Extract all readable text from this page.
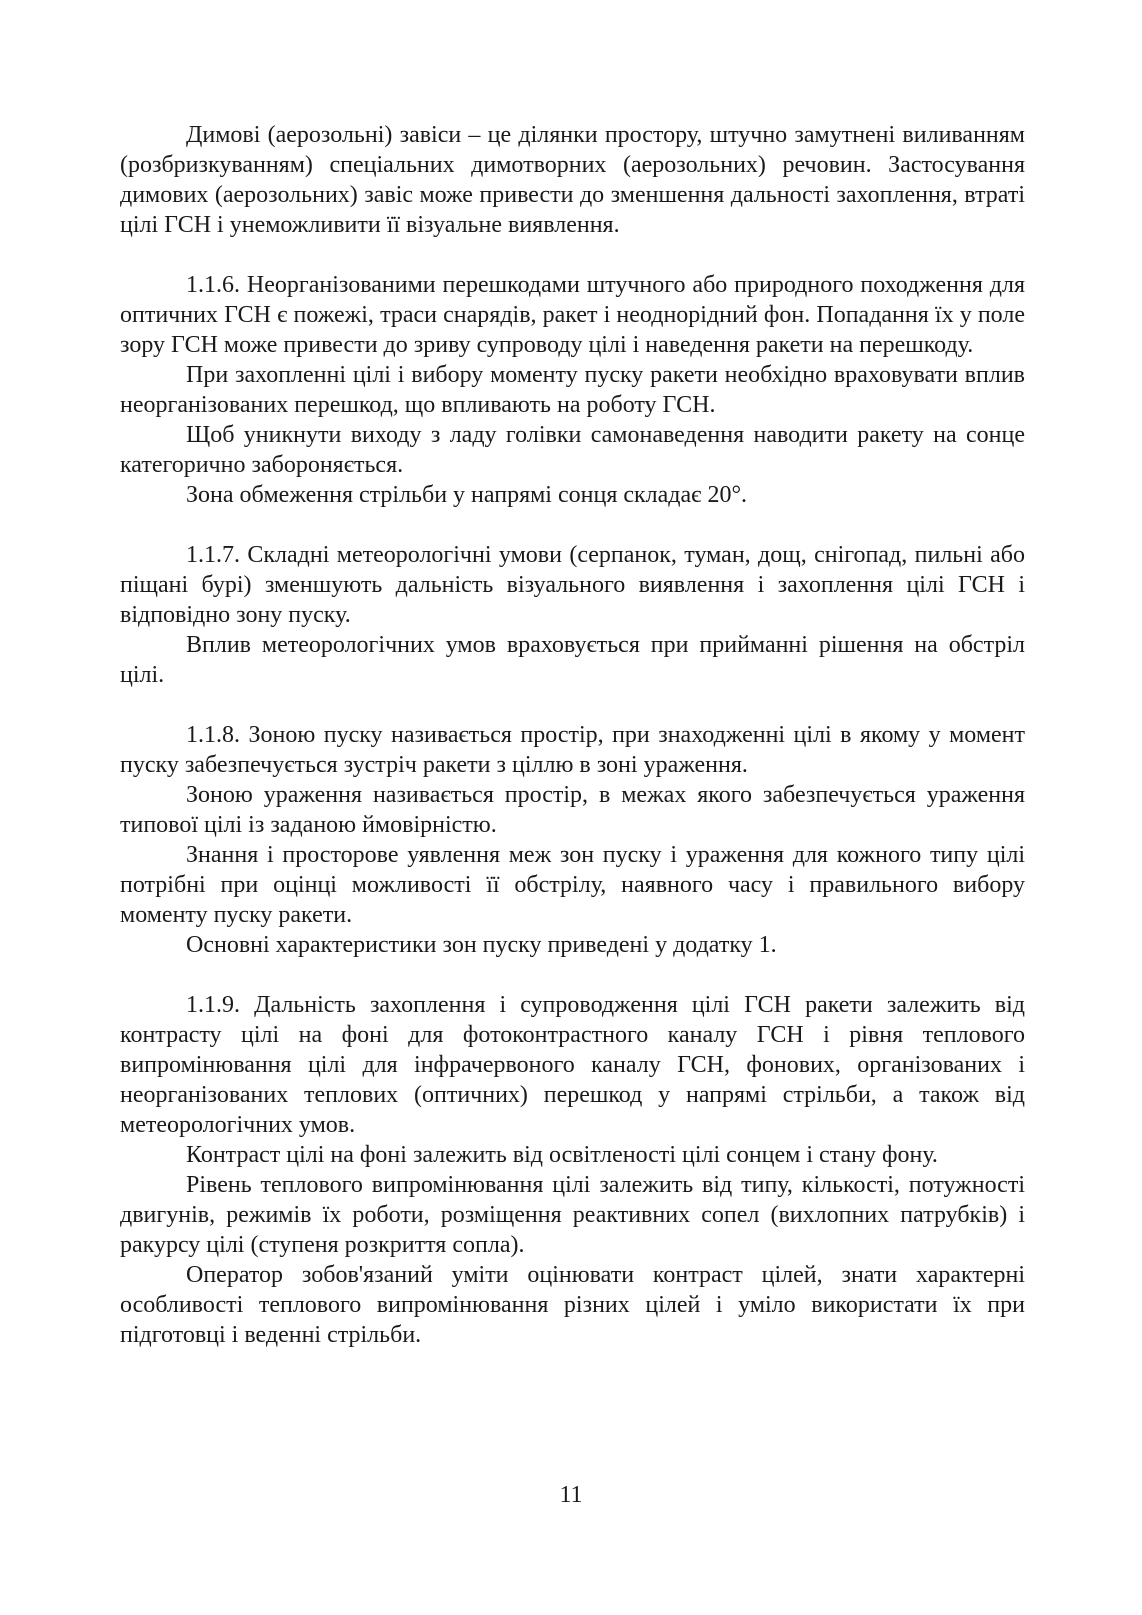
Димові (аерозольні) завіси – це ділянки простору, штучно замутнені виливанням (розбризкуванням) спеціальних димотворних (аерозольних) речовин. Застосування димових (аерозольних) завіс може привести до зменшення дальності захоплення, втраті цілі ГСН і унеможливити її візуальне виявлення.

1.1.6. Неорганізованими перешкодами штучного або природного походження для оптичних ГСН є пожежі, траси снарядів, ракет і неоднорідний фон. Попадання їх у поле зору ГСН може привести до зриву супроводу цілі і наведення ракети на перешкоду.

При захопленні цілі і вибору моменту пуску ракети необхідно враховувати вплив неорганізованих перешкод, що впливають на роботу ГСН.

Щоб уникнути виходу з ладу голівки самонаведення наводити ракету на сонце категорично забороняється.

Зона обмеження стрільби у напрямі сонця складає 20°.

1.1.7. Складні метеорологічні умови (серпанок, туман, дощ, снігопад, пильні або піщані бурі) зменшують дальність візуального виявлення і захоплення цілі ГСН і відповідно зону пуску.

Вплив метеорологічних умов враховується при прийманні рішення на обстріл цілі.

1.1.8. Зоною пуску називається простір, при знаходженні цілі в якому у момент пуску забезпечується зустріч ракети з ціллю в зоні ураження.

Зоною ураження називається простір, в межах якого забезпечується ураження типової цілі із заданою ймовірністю.

Знання і просторове уявлення меж зон пуску і ураження для кожного типу цілі потрібні при оцінці можливості її обстрілу, наявного часу і правильного вибору моменту пуску ракети.

Основні характеристики зон пуску приведені у додатку 1.

1.1.9. Дальність захоплення і супроводження цілі ГСН ракети залежить від контрасту цілі на фоні для фотоконтрастного каналу ГСН і рівня теплового випромінювання цілі для інфрачервоного каналу ГСН, фонових, організованих і неорганізованих теплових (оптичних) перешкод у напрямі стрільби, а також від метеорологічних умов.

Контраст цілі на фоні залежить від освітленості цілі сонцем і стану фону.

Рівень теплового випромінювання цілі залежить від типу, кількості, потужності двигунів, режимів їх роботи, розміщення реактивних сопел (вихлопних патрубків) і ракурсу цілі (ступеня розкриття сопла).

Оператор зобов'язаний уміти оцінювати контраст цілей, знати характерні особливості теплового випромінювання різних цілей і уміло використати їх при підготовці і веденні стрільби.

11
